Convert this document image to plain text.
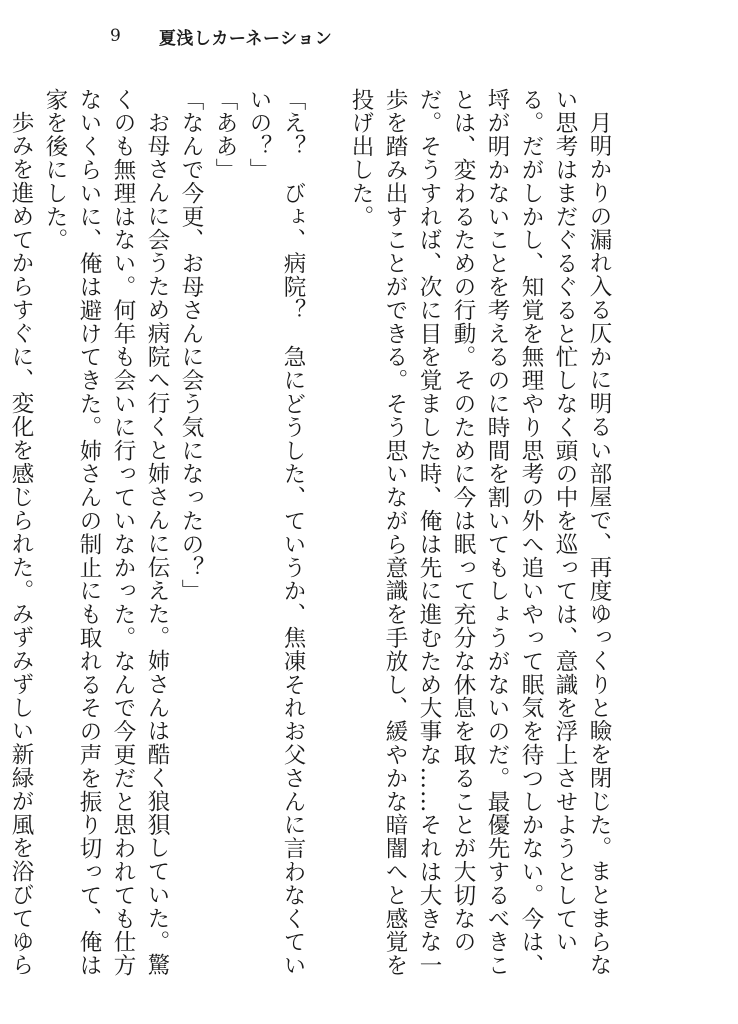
9 夏浅しカーネーション

月明かりの漏れ入る仄かに明るい部屋で、再度ゆっくりと瞼を閉じた。まとまらない思考はまだぐるぐると忙しなく頭の中を巡っては、意識を浮上させようとしている。だがしかし、知覚を無理やり思考の外へ追いやって眠気を待つしかない。今は、埒が明かないことを考えるのに時間を割いてもしょうがないのだ。最優先するべきことは、変わるための行動。そのために今は眠って充分な休息を取ることが大切なのだ。そうすれば、次に目を覚ました時、俺は先に進むため大事な……それは大きな一歩を踏み出すことができる。そう思いながら意識を手放し、緩やかな暗闇へと感覚を投げ出した。

「え？　びょ、病院？　急にどうした、ていうか、焦凍それお父さんに言わなくていいの？」

「ああ」

「なんで今更、お母さんに会う気になったの？」

お母さんに会うため病院へ行くと姉さんに伝えた。姉さんは酷く狼狽していた。驚くのも無理はない。何年も会いに行っていなかった。なんで今更だと思われても仕方ないくらいに、俺は避けてきた。姉さんの制止にも取れるその声を振り切って、俺は家を後にした。

歩みを進めてからすぐに、変化を感じられた。みずみずしい新緑が風を浴びてゆら
